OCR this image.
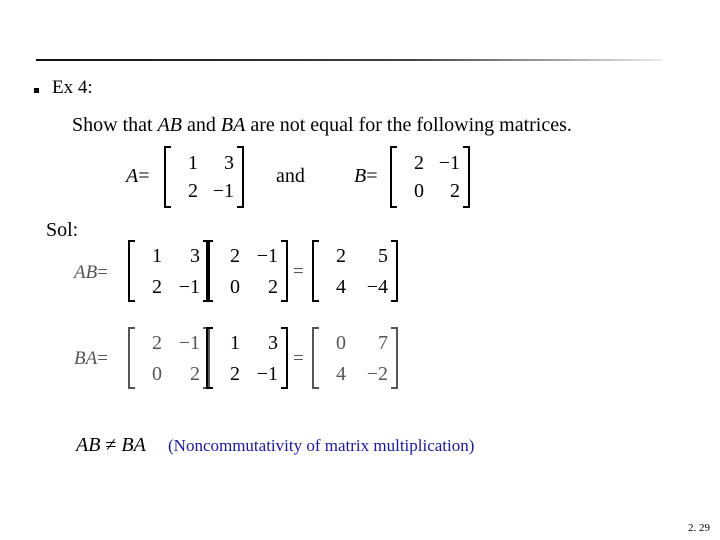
Ex 4:
Show that AB and BA are not equal for the following matrices.
A=
1	3
2 −1
and B=
2 −1
0	2
Sol:
AB=
1	3
2 −1
2 −1
0	2
=
2	5
4	−4
BA=
2 −1
0	2
1	3
2 −1
=
0	7
4	−2
AB ≠ BA (Noncommutativity of matrix multiplication)
2. 29
